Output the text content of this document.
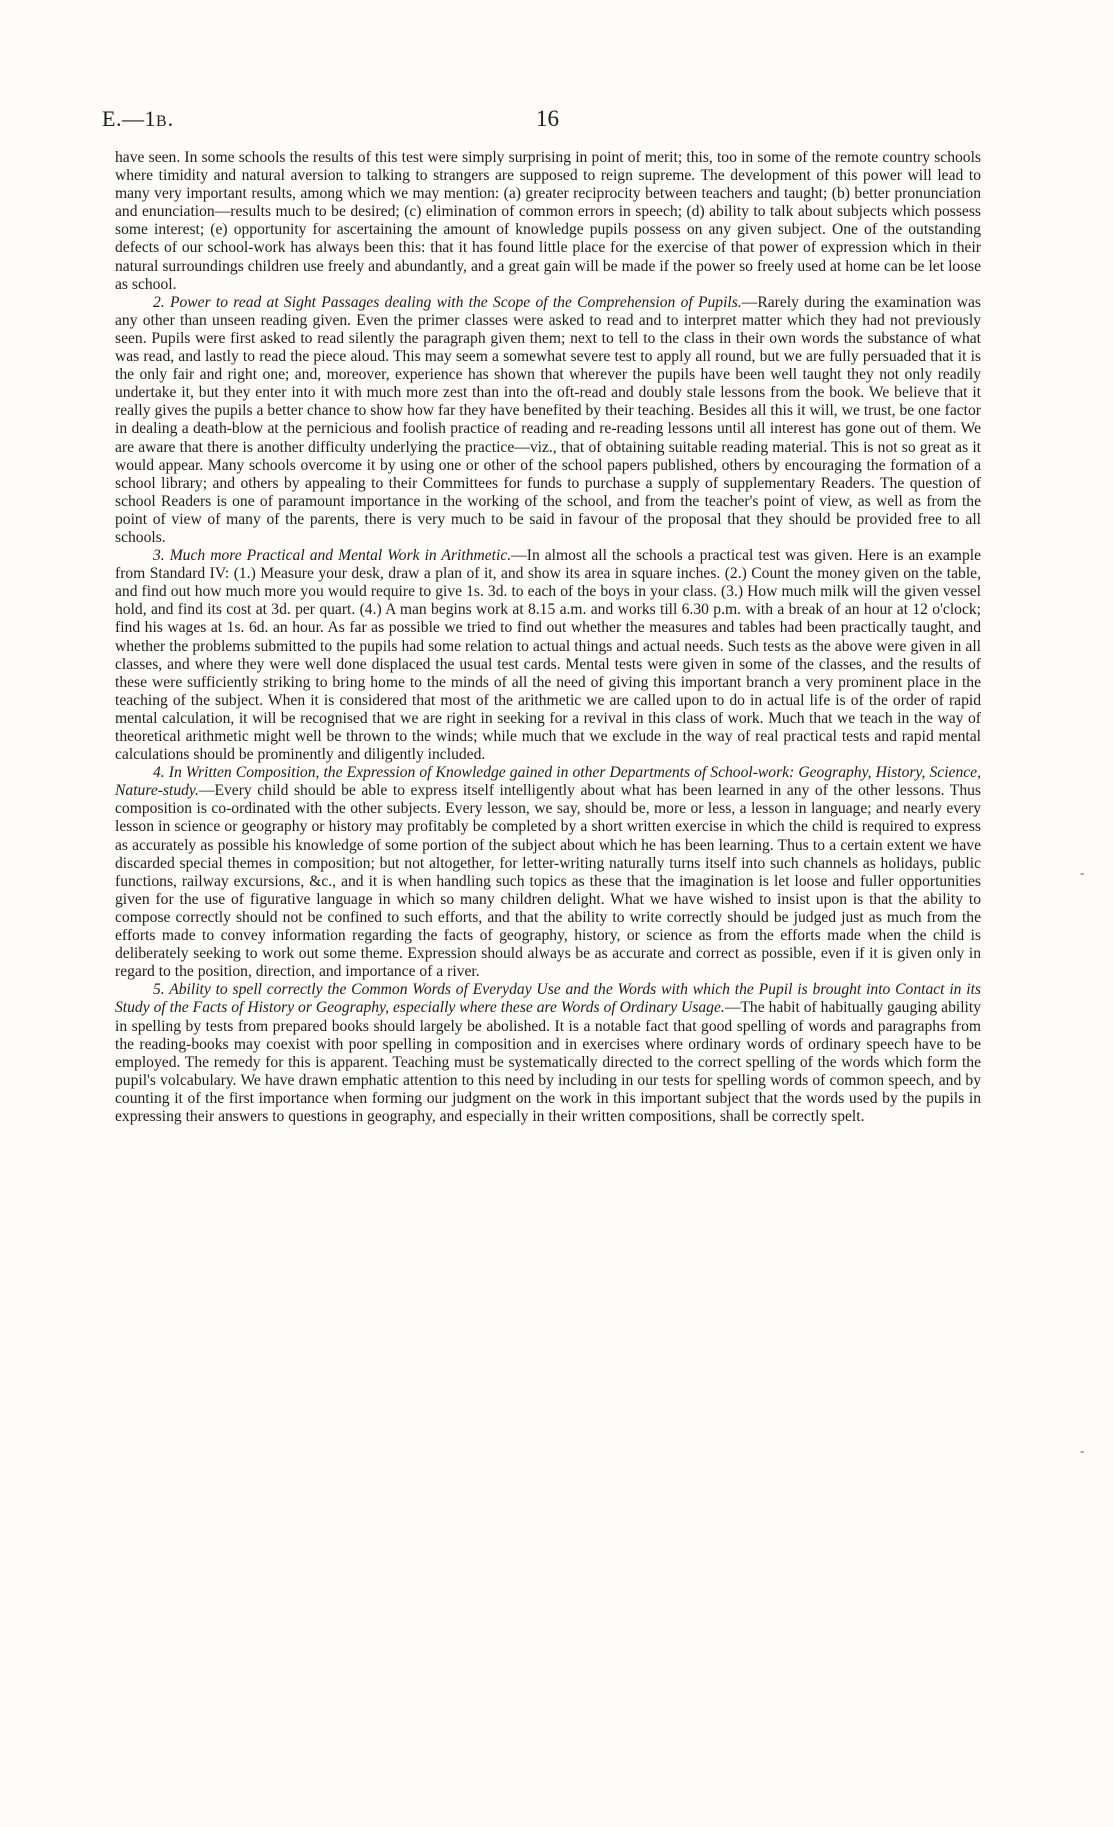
E.—1B.	16

have seen. In some schools the results of this test were simply surprising in point of merit; this, too in some of the remote country schools where timidity and natural aversion to talking to strangers are supposed to reign supreme. The development of this power will lead to many very important results, among which we may mention: (a) greater reciprocity between teachers and taught; (b) better pronunciation and enunciation—results much to be desired; (c) elimination of common errors in speech; (d) ability to talk about subjects which possess some interest; (e) opportunity for ascertaining the amount of knowledge pupils possess on any given subject. One of the outstanding defects of our school-work has always been this: that it has found little place for the exercise of that power of expression which in their natural surroundings children use freely and abundantly, and a great gain will be made if the power so freely used at home can be let loose as school.

2. Power to read at Sight Passages dealing with the Scope of the Comprehension of Pupils.—Rarely during the examination was any other than unseen reading given. Even the primer classes were asked to read and to interpret matter which they had not previously seen. Pupils were first asked to read silently the paragraph given them; next to tell to the class in their own words the substance of what was read, and lastly to read the piece aloud. This may seem a somewhat severe test to apply all round, but we are fully persuaded that it is the only fair and right one; and, moreover, experience has shown that wherever the pupils have been well taught they not only readily undertake it, but they enter into it with much more zest than into the oft-read and doubly stale lessons from the book. We believe that it really gives the pupils a better chance to show how far they have benefited by their teaching. Besides all this it will, we trust, be one factor in dealing a death-blow at the pernicious and foolish practice of reading and re-reading lessons until all interest has gone out of them. We are aware that there is another difficulty underlying the practice—viz., that of obtaining suitable reading material. This is not so great as it would appear. Many schools overcome it by using one or other of the school papers published, others by encouraging the formation of a school library; and others by appealing to their Committees for funds to purchase a supply of supplementary Readers. The question of school Readers is one of paramount importance in the working of the school, and from the teacher's point of view, as well as from the point of view of many of the parents, there is very much to be said in favour of the proposal that they should be provided free to all schools.

3. Much more Practical and Mental Work in Arithmetic.—In almost all the schools a practical test was given. Here is an example from Standard IV: (1.) Measure your desk, draw a plan of it, and show its area in square inches. (2.) Count the money given on the table, and find out how much more you would require to give 1s. 3d. to each of the boys in your class. (3.) How much milk will the given vessel hold, and find its cost at 3d. per quart. (4.) A man begins work at 8.15 a.m. and works till 6.30 p.m. with a break of an hour at 12 o'clock; find his wages at 1s. 6d. an hour. As far as possible we tried to find out whether the measures and tables had been practically taught, and whether the problems submitted to the pupils had some relation to actual things and actual needs. Such tests as the above were given in all classes, and where they were well done displaced the usual test cards. Mental tests were given in some of the classes, and the results of these were sufficiently striking to bring home to the minds of all the need of giving this important branch a very prominent place in the teaching of the subject. When it is considered that most of the arithmetic we are called upon to do in actual life is of the order of rapid mental calculation, it will be recognised that we are right in seeking for a revival in this class of work. Much that we teach in the way of theoretical arithmetic might well be thrown to the winds; while much that we exclude in the way of real practical tests and rapid mental calculations should be prominently and diligently included.

4. In Written Composition, the Expression of Knowledge gained in other Departments of School-work: Geography, History, Science, Nature-study.—Every child should be able to express itself intelligently about what has been learned in any of the other lessons. Thus composition is co-ordinated with the other subjects. Every lesson, we say, should be, more or less, a lesson in language; and nearly every lesson in science or geography or history may profitably be completed by a short written exercise in which the child is required to express as accurately as possible his knowledge of some portion of the subject about which he has been learning. Thus to a certain extent we have discarded special themes in composition; but not altogether, for letter-writing naturally turns itself into such channels as holidays, public functions, railway excursions, &c., and it is when handling such topics as these that the imagination is let loose and fuller opportunities given for the use of figurative language in which so many children delight. What we have wished to insist upon is that the ability to compose correctly should not be confined to such efforts, and that the ability to write correctly should be judged just as much from the efforts made to convey information regarding the facts of geography, history, or science as from the efforts made when the child is deliberately seeking to work out some theme. Expression should always be as accurate and correct as possible, even if it is given only in regard to the position, direction, and importance of a river.

5. Ability to spell correctly the Common Words of Everyday Use and the Words with which the Pupil is brought into Contact in its Study of the Facts of History or Geography, especially where these are Words of Ordinary Usage.—The habit of habitually gauging ability in spelling by tests from prepared books should largely be abolished. It is a notable fact that good spelling of words and paragraphs from the reading-books may coexist with poor spelling in composition and in exercises where ordinary words of ordinary speech have to be employed. The remedy for this is apparent. Teaching must be systematically directed to the correct spelling of the words which form the pupil's volcabulary. We have drawn emphatic attention to this need by including in our tests for spelling words of common speech, and by counting it of the first importance when forming our judgment on the work in this important subject that the words used by the pupils in expressing their answers to questions in geography, and especially in their written compositions, shall be correctly spelt.

‐
‐
